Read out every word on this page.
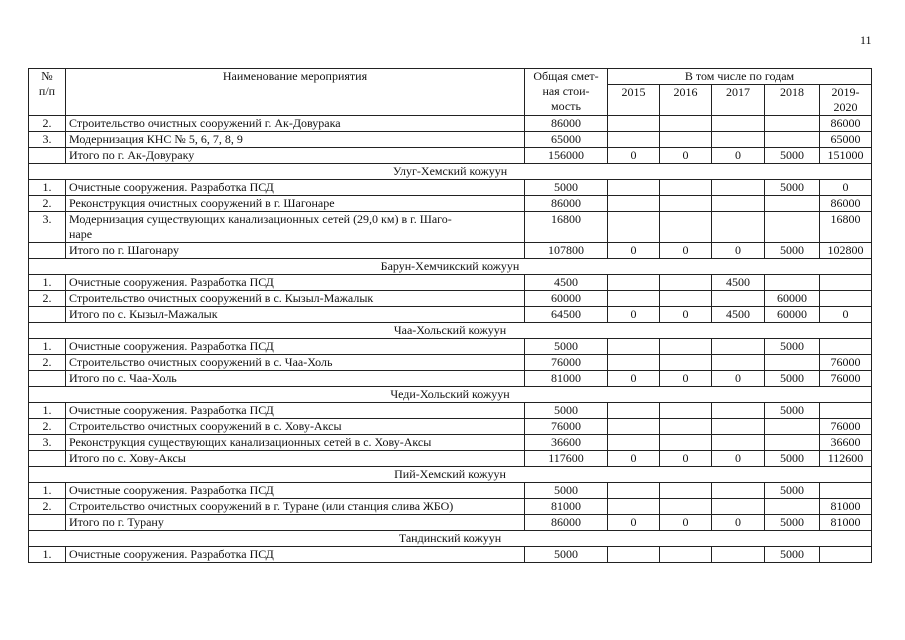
11
№
п/п	Наименование мероприятия	Общая смет-
ная стои-
мость	В том числе по годам				
			2015	2016	2017	2018	2019-2020
2.	Строительство очистных сооружений г. Ак-Довурака	86000					86000
3.	Модернизация КНС № 5, 6, 7, 8, 9	65000					65000
	Итого по г. Ак-Довураку	156000	0	0	0	5000	151000
Улуг-Хемский кожуун							
1.	Очистные сооружения. Разработка ПСД	5000				5000	0
2.	Реконструкция очистных сооружений в г. Шагонаре	86000					86000
3.	Модернизация существующих канализационных сетей (29,0 км) в г. Шаго-
наре	16800					16800
	Итого по г. Шагонару	107800	0	0	0	5000	102800
Барун-Хемчикский кожуун							
1.	Очистные сооружения. Разработка ПСД	4500			4500		
2.	Строительство очистных сооружений в с. Кызыл-Мажалык	60000				60000	
	Итого по с. Кызыл-Мажалык	64500	0	0	4500	60000	0
Чаа-Хольский кожуун							
1.	Очистные сооружения. Разработка ПСД	5000				5000	
2.	Строительство очистных сооружений в с. Чаа-Холь	76000					76000
	Итого по с. Чаа-Холь	81000	0	0	0	5000	76000
Чеди-Хольский кожуун							
1.	Очистные сооружения. Разработка ПСД	5000				5000	
2.	Строительство очистных сооружений в с. Хову-Аксы	76000					76000
3.	Реконструкция существующих канализационных сетей в с. Хову-Аксы	36600					36600
	Итого по с. Хову-Аксы	117600	0	0	0	5000	112600
Пий-Хемский кожуун							
1.	Очистные сооружения. Разработка ПСД	5000				5000	
2.	Строительство очистных сооружений в г. Туране (или станция слива ЖБО)	81000					81000
	Итого по г. Турану	86000	0	0	0	5000	81000
Тандинский кожуун							
1.	Очистные сооружения. Разработка ПСД	5000				5000	
